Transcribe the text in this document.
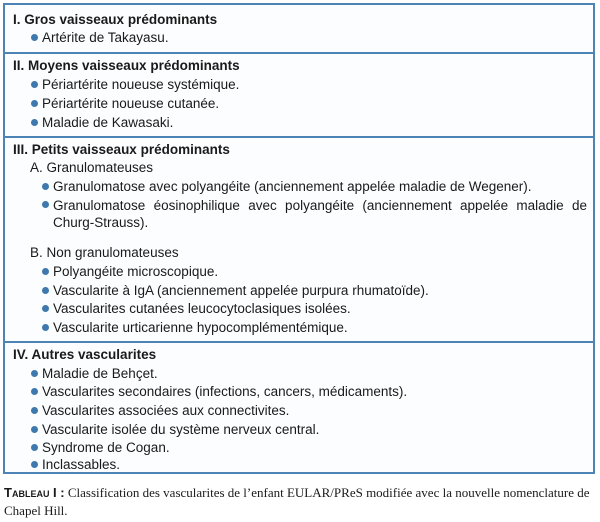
I. Gros vaisseaux prédominants
Artérite de Takayasu.
II. Moyens vaisseaux prédominants
Périartérite noueuse systémique.
Périartérite noueuse cutanée.
Maladie de Kawasaki.
III. Petits vaisseaux prédominants
A. Granulomateuses
Granulomatose avec polyangéite (anciennement appelée maladie de Wegener).
Granulomatose éosinophilique avec polyangéite (anciennement appelée maladie de Churg-Strauss).
B. Non granulomateuses
Polyangéite microscopique.
Vascularite à IgA (anciennement appelée purpura rhumatoïde).
Vascularites cutanées leucocytoclasiques isolées.
Vascularite urticarienne hypocomplémentémique.
IV. Autres vascularites
Maladie de Behçet.
Vascularites secondaires (infections, cancers, médicaments).
Vascularites associées aux connectivites.
Vascularite isolée du système nerveux central.
Syndrome de Cogan.
Inclassables.
Tableau I : Classification des vascularites de l’enfant EULAR/PReS modifiée avec la nouvelle nomenclature de Chapel Hill.
